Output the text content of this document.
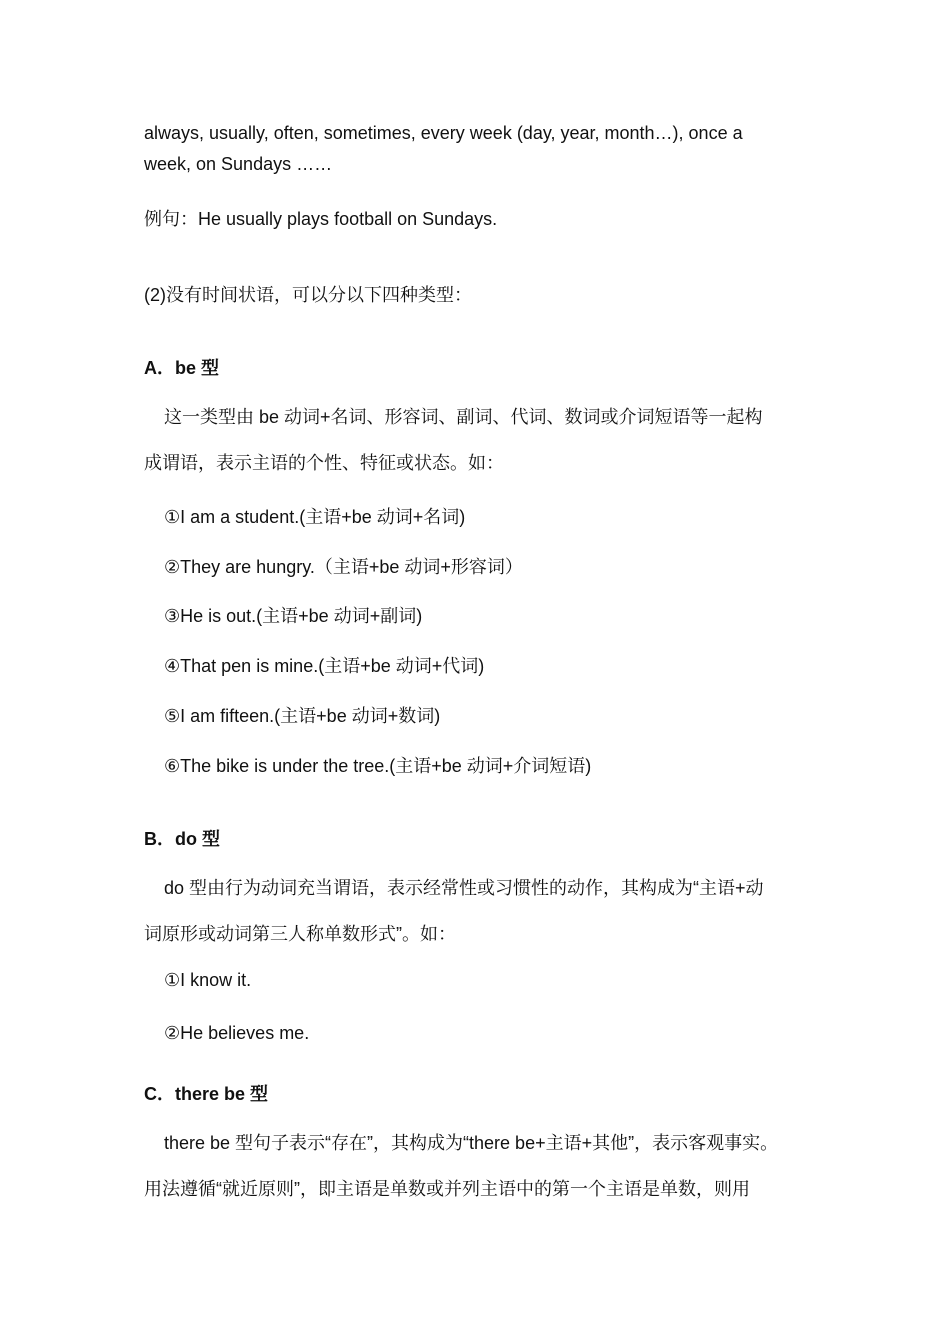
always, usually, often, sometimes, every week (day, year, month…), once a
week, on Sundays ……
例句：He usually plays football on Sundays.
(2)没有时间状语，可以分以下四种类型：
A．be 型
这一类型由 be 动词+名词、形容词、副词、代词、数词或介词短语等一起构
成谓语，表示主语的个性、特征或状态。如：
①I am a student.(主语+be 动词+名词)
②They are hungry.（主语+be 动词+形容词）
③He is out.(主语+be 动词+副词)
④That pen is mine.(主语+be 动词+代词)
⑤I am fifteen.(主语+be 动词+数词)
⑥The bike is under the tree.(主语+be 动词+介词短语)
B．do 型
do 型由行为动词充当谓语，表示经常性或习惯性的动作，其构成为“主语+动
词原形或动词第三人称单数形式”。如：
①I know it.
②He believes me.
C．there be 型
there be 型句子表示“存在”，其构成为“there be+主语+其他”，表示客观事实。
用法遵循“就近原则”，即主语是单数或并列主语中的第一个主语是单数，则用
